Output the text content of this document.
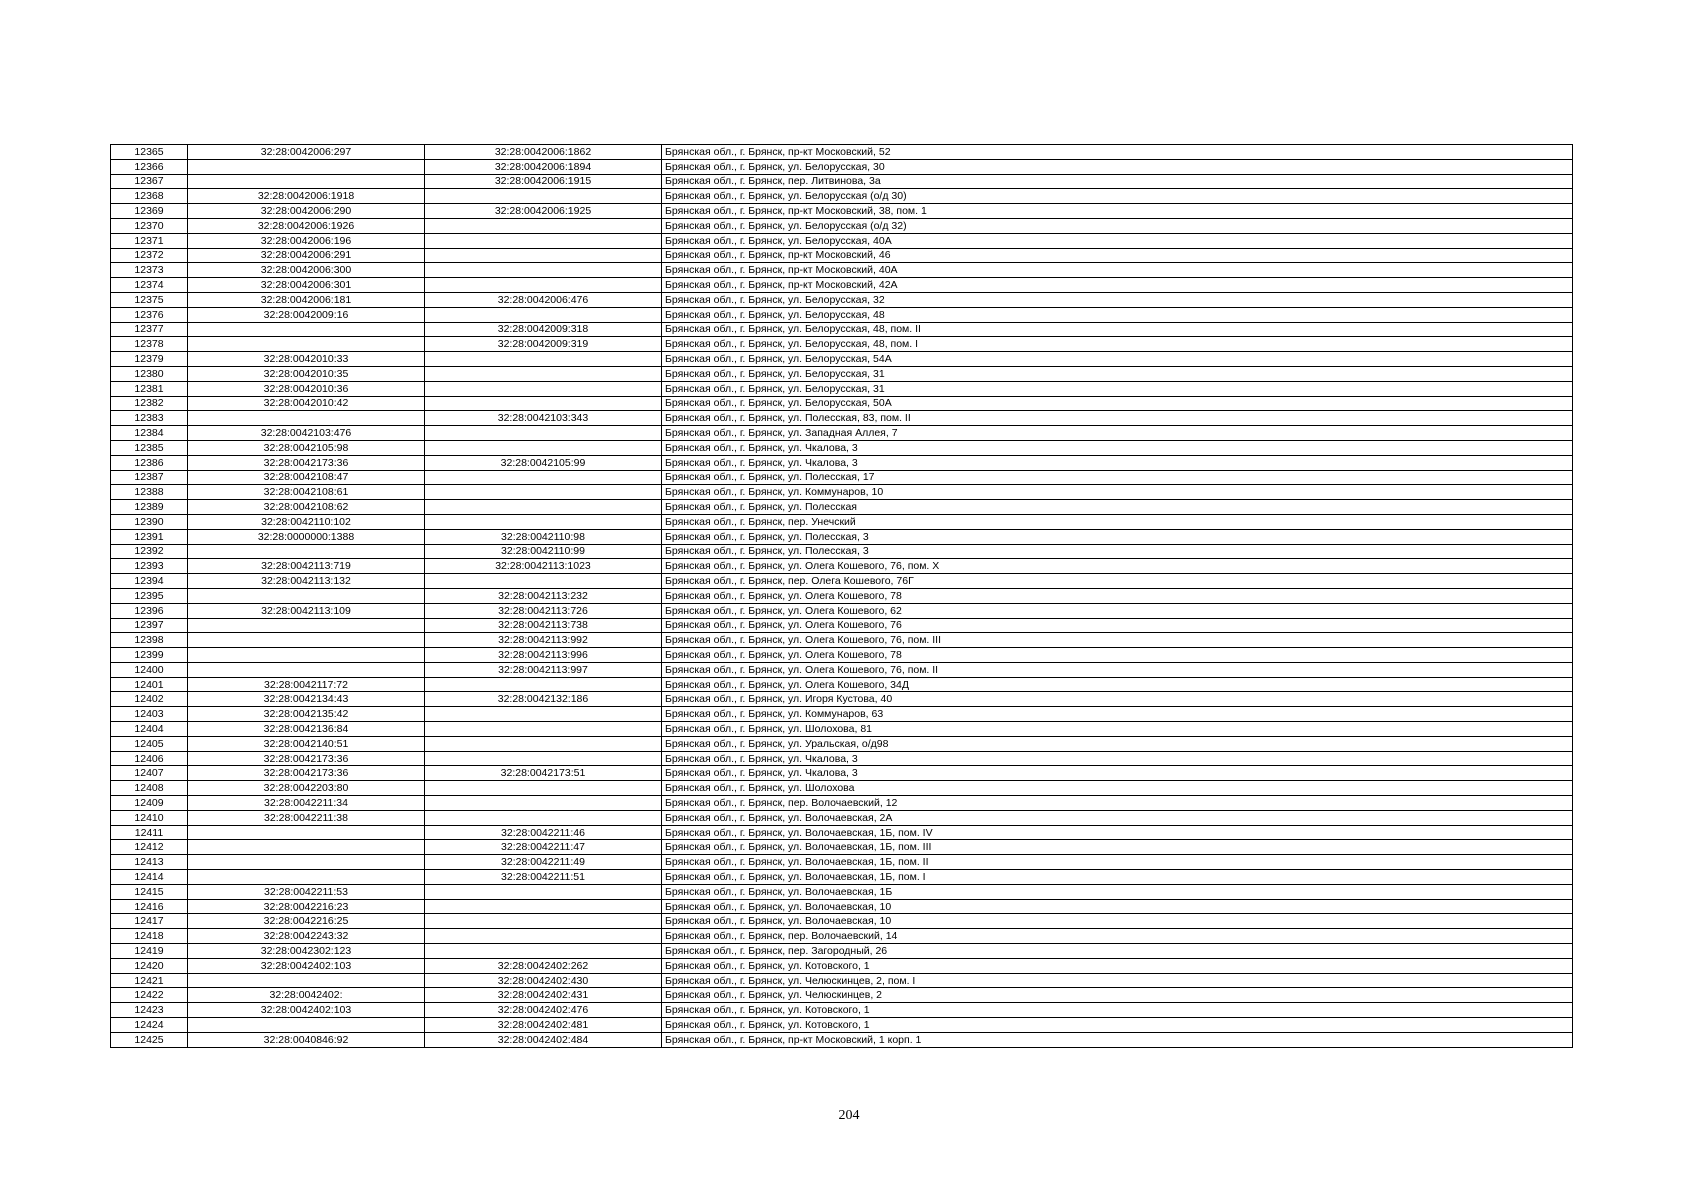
12365	32:28:0042006:297	32:28:0042006:1862	Брянская обл., г. Брянск, пр-кт Московский, 52
12366		32:28:0042006:1894	Брянская обл., г. Брянск, ул. Белорусская, 30
12367		32:28:0042006:1915	Брянская обл., г. Брянск, пер. Литвинова, 3а
12368	32:28:0042006:1918		Брянская обл., г. Брянск, ул. Белорусская (о/д 30)
12369	32:28:0042006:290	32:28:0042006:1925	Брянская обл., г. Брянск, пр-кт Московский, 38, пом. 1
12370	32:28:0042006:1926		Брянская обл., г. Брянск, ул. Белорусская (о/д 32)
12371	32:28:0042006:196		Брянская обл., г. Брянск, ул. Белорусская, 40А
12372	32:28:0042006:291		Брянская обл., г. Брянск, пр-кт Московский, 46
12373	32:28:0042006:300		Брянская обл., г. Брянск, пр-кт Московский, 40А
12374	32:28:0042006:301		Брянская обл., г. Брянск, пр-кт Московский, 42А
12375	32:28:0042006:181	32:28:0042006:476	Брянская обл., г. Брянск, ул. Белорусская, 32
12376	32:28:0042009:16		Брянская обл., г. Брянск, ул. Белорусская, 48
12377		32:28:0042009:318	Брянская обл., г. Брянск, ул. Белорусская, 48, пом. II
12378		32:28:0042009:319	Брянская обл., г. Брянск, ул. Белорусская, 48, пом. I
12379	32:28:0042010:33		Брянская обл., г. Брянск, ул. Белорусская, 54А
12380	32:28:0042010:35		Брянская обл., г. Брянск, ул. Белорусская, 31
12381	32:28:0042010:36		Брянская обл., г. Брянск, ул. Белорусская, 31
12382	32:28:0042010:42		Брянская обл., г. Брянск, ул. Белорусская, 50А
12383		32:28:0042103:343	Брянская обл., г. Брянск, ул. Полесская, 83, пом. II
12384	32:28:0042103:476		Брянская обл., г. Брянск, ул. Западная Аллея, 7
12385	32:28:0042105:98		Брянская обл., г. Брянск, ул. Чкалова, 3
12386	32:28:0042173:36	32:28:0042105:99	Брянская обл., г. Брянск, ул. Чкалова, 3
12387	32:28:0042108:47		Брянская обл., г. Брянск, ул. Полесская, 17
12388	32:28:0042108:61		Брянская обл., г. Брянск, ул. Коммунаров, 10
12389	32:28:0042108:62		Брянская обл., г. Брянск, ул. Полесская
12390	32:28:0042110:102		Брянская обл., г. Брянск, пер. Унечский
12391	32:28:0000000:1388	32:28:0042110:98	Брянская обл., г. Брянск, ул. Полесская, 3
12392		32:28:0042110:99	Брянская обл., г. Брянск, ул. Полесская, 3
12393	32:28:0042113:719	32:28:0042113:1023	Брянская обл., г. Брянск, ул. Олега Кошевого, 76, пом. X
12394	32:28:0042113:132		Брянская обл., г. Брянск, пер. Олега Кошевого, 76Г
12395		32:28:0042113:232	Брянская обл., г. Брянск, ул. Олега Кошевого, 78
12396	32:28:0042113:109	32:28:0042113:726	Брянская обл., г. Брянск, ул. Олега Кошевого, 62
12397		32:28:0042113:738	Брянская обл., г. Брянск, ул. Олега Кошевого, 76
12398		32:28:0042113:992	Брянская обл., г. Брянск, ул. Олега Кошевого, 76, пом. III
12399		32:28:0042113:996	Брянская обл., г. Брянск, ул. Олега Кошевого, 78
12400		32:28:0042113:997	Брянская обл., г. Брянск, ул. Олега Кошевого, 76, пом. II
12401	32:28:0042117:72		Брянская обл., г. Брянск, ул. Олега Кошевого, 34Д
12402	32:28:0042134:43	32:28:0042132:186	Брянская обл., г. Брянск, ул. Игоря Кустова, 40
12403	32:28:0042135:42		Брянская обл., г. Брянск, ул. Коммунаров, 63
12404	32:28:0042136:84		Брянская обл., г. Брянск, ул. Шолохова, 81
12405	32:28:0042140:51		Брянская обл., г. Брянск, ул. Уральская, о/д98
12406	32:28:0042173:36		Брянская обл., г. Брянск, ул. Чкалова, 3
12407	32:28:0042173:36	32:28:0042173:51	Брянская обл., г. Брянск, ул. Чкалова, 3
12408	32:28:0042203:80		Брянская обл., г. Брянск, ул. Шолохова
12409	32:28:0042211:34		Брянская обл., г. Брянск, пер. Волочаевский, 12
12410	32:28:0042211:38		Брянская обл., г. Брянск, ул. Волочаевская, 2А
12411		32:28:0042211:46	Брянская обл., г. Брянск, ул. Волочаевская, 1Б, пом. IV
12412		32:28:0042211:47	Брянская обл., г. Брянск, ул. Волочаевская, 1Б, пом. III
12413		32:28:0042211:49	Брянская обл., г. Брянск, ул. Волочаевская, 1Б, пом. II
12414		32:28:0042211:51	Брянская обл., г. Брянск, ул. Волочаевская, 1Б, пом. I
12415	32:28:0042211:53		Брянская обл., г. Брянск, ул. Волочаевская, 1Б
12416	32:28:0042216:23		Брянская обл., г. Брянск, ул. Волочаевская, 10
12417	32:28:0042216:25		Брянская обл., г. Брянск, ул. Волочаевская, 10
12418	32:28:0042243:32		Брянская обл., г. Брянск, пер. Волочаевский, 14
12419	32:28:0042302:123		Брянская обл., г. Брянск, пер. Загородный, 26
12420	32:28:0042402:103	32:28:0042402:262	Брянская обл., г. Брянск, ул. Котовского, 1
12421		32:28:0042402:430	Брянская обл., г. Брянск, ул. Челюскинцев, 2, пом. I
12422	32:28:0042402:	32:28:0042402:431	Брянская обл., г. Брянск, ул. Челюскинцев, 2
12423	32:28:0042402:103	32:28:0042402:476	Брянская обл., г. Брянск, ул. Котовского, 1
12424		32:28:0042402:481	Брянская обл., г. Брянск, ул. Котовского, 1
12425	32:28:0040846:92	32:28:0042402:484	Брянская обл., г. Брянск, пр-кт Московский, 1 корп. 1
204
